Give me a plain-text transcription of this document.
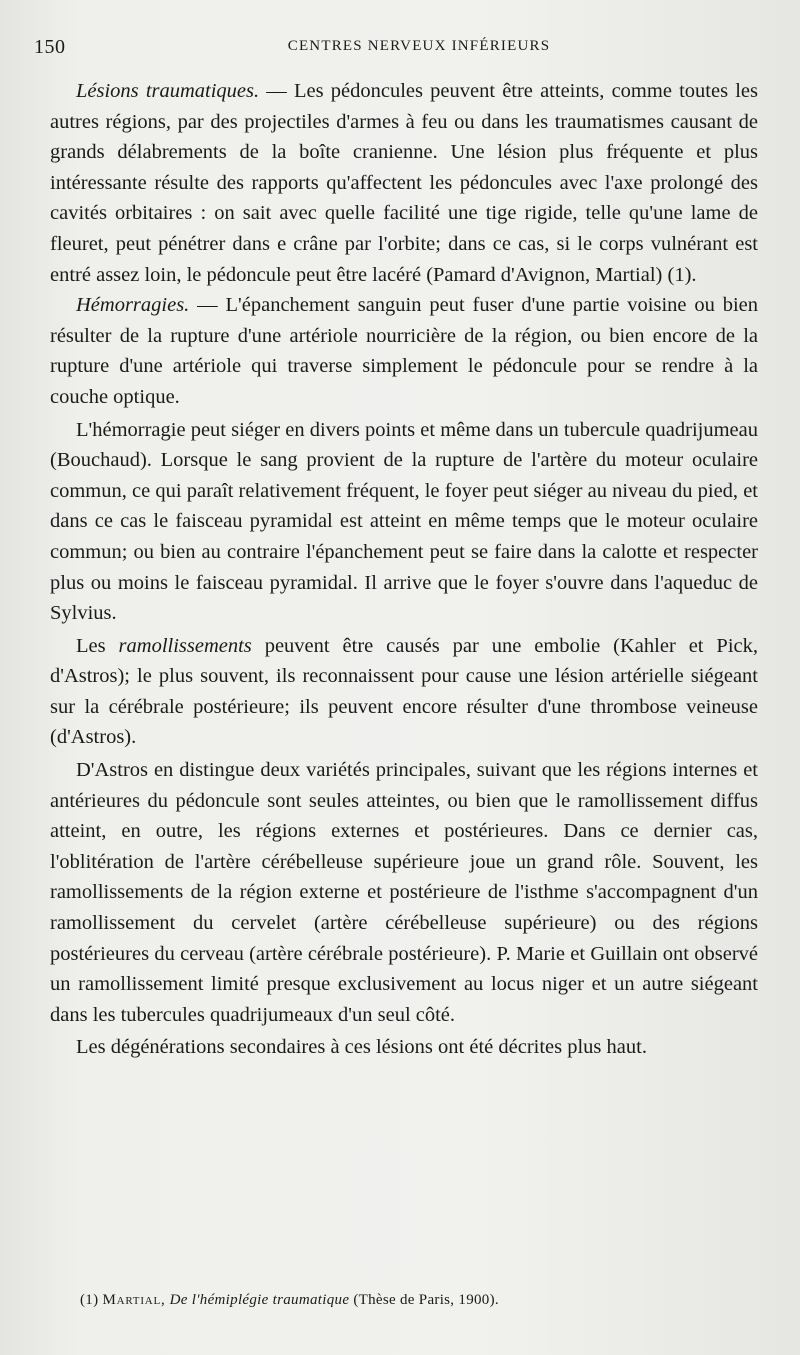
150	CENTRES NERVEUX INFÉRIEURS

Lésions traumatiques. — Les pédoncules peuvent être atteints, comme toutes les autres régions, par des projectiles d'armes à feu ou dans les traumatismes causant de grands délabrements de la boîte cranienne. Une lésion plus fréquente et plus intéressante résulte des rapports qu'affectent les pédoncules avec l'axe prolongé des cavités orbitaires : on sait avec quelle facilité une tige rigide, telle qu'une lame de fleuret, peut pénétrer dans e crâne par l'orbite; dans ce cas, si le corps vulnérant est entré assez loin, le pédoncule peut être lacéré (Pamard d'Avignon, Martial) (1).

Hémorragies. — L'épanchement sanguin peut fuser d'une partie voisine ou bien résulter de la rupture d'une artériole nourricière de la région, ou bien encore de la rupture d'une artériole qui traverse simplement le pédoncule pour se rendre à la couche optique.

L'hémorragie peut siéger en divers points et même dans un tubercule quadrijumeau (Bouchaud). Lorsque le sang provient de la rupture de l'artère du moteur oculaire commun, ce qui paraît relativement fréquent, le foyer peut siéger au niveau du pied, et dans ce cas le faisceau pyramidal est atteint en même temps que le moteur oculaire commun; ou bien au contraire l'épanchement peut se faire dans la calotte et respecter plus ou moins le faisceau pyramidal. Il arrive que le foyer s'ouvre dans l'aqueduc de Sylvius.

Les ramollissements peuvent être causés par une embolie (Kahler et Pick, d'Astros); le plus souvent, ils reconnaissent pour cause une lésion artérielle siégeant sur la cérébrale postérieure; ils peuvent encore résulter d'une thrombose veineuse (d'Astros).

D'Astros en distingue deux variétés principales, suivant que les régions internes et antérieures du pédoncule sont seules atteintes, ou bien que le ramollissement diffus atteint, en outre, les régions externes et postérieures. Dans ce dernier cas, l'oblitération de l'artère cérébelleuse supérieure joue un grand rôle. Souvent, les ramollissements de la région externe et postérieure de l'isthme s'accompagnent d'un ramollissement du cervelet (artère cérébelleuse supérieure) ou des régions postérieures du cerveau (artère cérébrale postérieure). P. Marie et Guillain ont observé un ramollissement limité presque exclusivement au locus niger et un autre siégeant dans les tubercules quadrijumeaux d'un seul côté.

Les dégénérations secondaires à ces lésions ont été décrites plus haut.

(1) Martial, De l'hémiplégie traumatique (Thèse de Paris, 1900).
